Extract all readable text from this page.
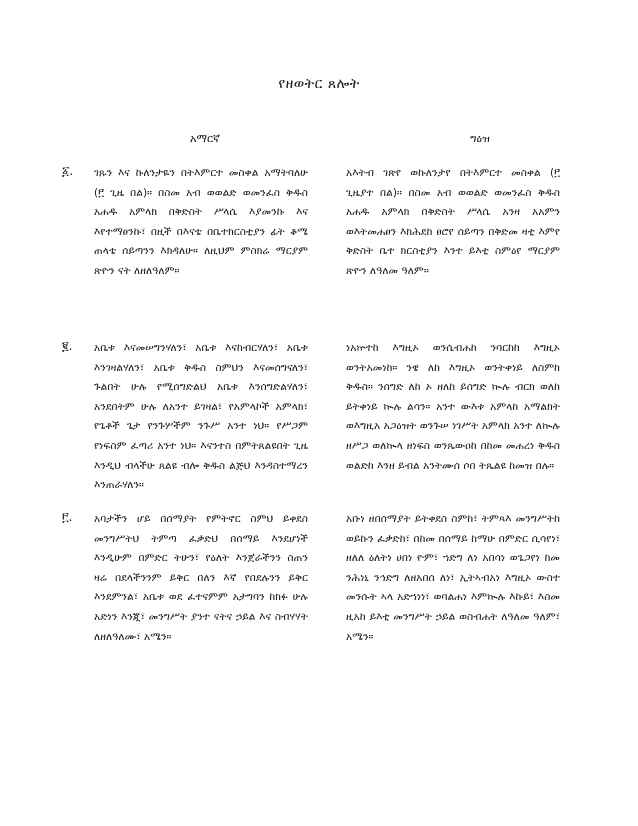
የዘወትር ጸሎት
አማርኛ	ግዕዝ
፩. ገጹን እና ኩለንታዬን በትእምርተ መስቀል አማትባለሁ (፫ ጊዜ በል)። በስመ አብ ወወልድ ወመንፈስ ቅዱስ አሐዱ አምላክ በቅድስት ሥላሴ እያመንኩ እና እየተማፀንኩ፣ በዚች በእናቴ በቤተክርስቲያን ፊት ቆሜ ጠላቴ ሰይጣንን እክዳለሁ። ለዚህም ምስክሬ ማርያም ጽዮን ናት ለዘለዓለም።
አእትብ ገጽየ ወኩለንታየ በትእምርተ መስቀል (፫ ጊዜያተ በል)። በስመ አብ ወወልድ ወመንፈስ ቅዱስ አሐዱ አምላክ በቅድስት ሥላሴ አንዛ አአምን ወእትመሐፀን እክሕደከ ፀሮየ ሰይጣን በቅድመ ዛቲ እምየ ቅድስት ቤተ ክርስቲያን እንተ ይእቲ ስምዕየ ማርያም ጽዮን ለዓለመ ዓለም።
፪. አቤቱ እናመሠግንሃለን፣ አቤቱ እናከብርሃለን፣ አቤቱ እንገዛልሃለን፣ አቤቱ ቅዱስ ስምህን እናመሰግናለን፣ ጉልበት ሁሉ የሚሰግድልህ አቤቱ እንሰግድልሃለን፣ አንደበትም ሁሉ ለአንተ ይገዛል፣ የአምላኮች አምላክ፣ የጌቶች ጌታ የንጉሦችም ንጉሥ አንተ ነህ። የሥጋም የነፍስም ፈጣሪ አንተ ነህ። እናንተስ በምትጸልዩበት ጊዜ እንዲህ ብላችሁ ጸልዩ ብሎ ቅዱስ ልጅህ እንዳስተማረን እንጠራሃለን።
ነአኵተከ እግዚኦ ወንሴብሐከ ንባርከከ እግዚኦ ወንትአመነከ። ንዌ ለከ እግዚኦ ወንትቀነይ ለስምከ ቅዱስ። ንሰግድ ለከ ኦ ዘለከ ይሰግድ ኲሉ ብርክ ወለከ ይትቀነይ ኲሉ ልሳን። አንተ ውእቱ አምላከ አማልክት ወእግዚአ አጋዕዝት ወንጉሠ ነገሥት አምላክ አንተ ለኲሉ ዘሥጋ ወለኲላ ዘነፍስ ወንጼውዐከ በከመ መሐረነ ቅዱስ ወልድከ እንዘ ይብል አንትሙሰ ሶበ ትጼልዩ ከመዝ በሉ።
፫. አባታችን ሆይ በሰማያት የምትኖር ስምህ ይቀደስ መንግሥትህ ትምጣ ፈቃድህ በሰማይ እንደሆነች እንዲሁም በምድር ትሁን፣ የዕለት እንጀራችንን ስጠን ዛሬ በደላችንንም ይቅር በለን እኛ የበደሉንን ይቅር እንደምንል፣ አቤቱ ወደ ፈተናምም አታግባን ከክፉ ሁሉ አድነን እንጂ፣ መንግሥት ያንተ ናትና ኃይል እና ስብሃሃት ለዘለዓለሙ፣ አሜን።
አቡነ ዘበሰማያት ይትቀደስ ስምከ፣ ትምጻእ መንግሥትከ ወይኩን ፈቃድከ፣ በከመ በሰማይ ከማሁ በምድር ሲሳየነ፣ ዘለለ ዕለትነ ሀበነ ዮም፣ ኀድግ ለነ አበሳነ ወጌጋየነ ከመ ንሕነኒ ንኅድግ ለዘአበሰ ለነ፣ ኢትኣብአነ እግዚኦ ውስተ መንሱት ኣላ አድኀነነ፣ ወባልሐነ እምኲሉ እኩይ፣ እስመ ዚአከ ይእቲ መንግሥት ኃይል ወስብሐት ለዓለመ ዓለም፣ አሜን።
